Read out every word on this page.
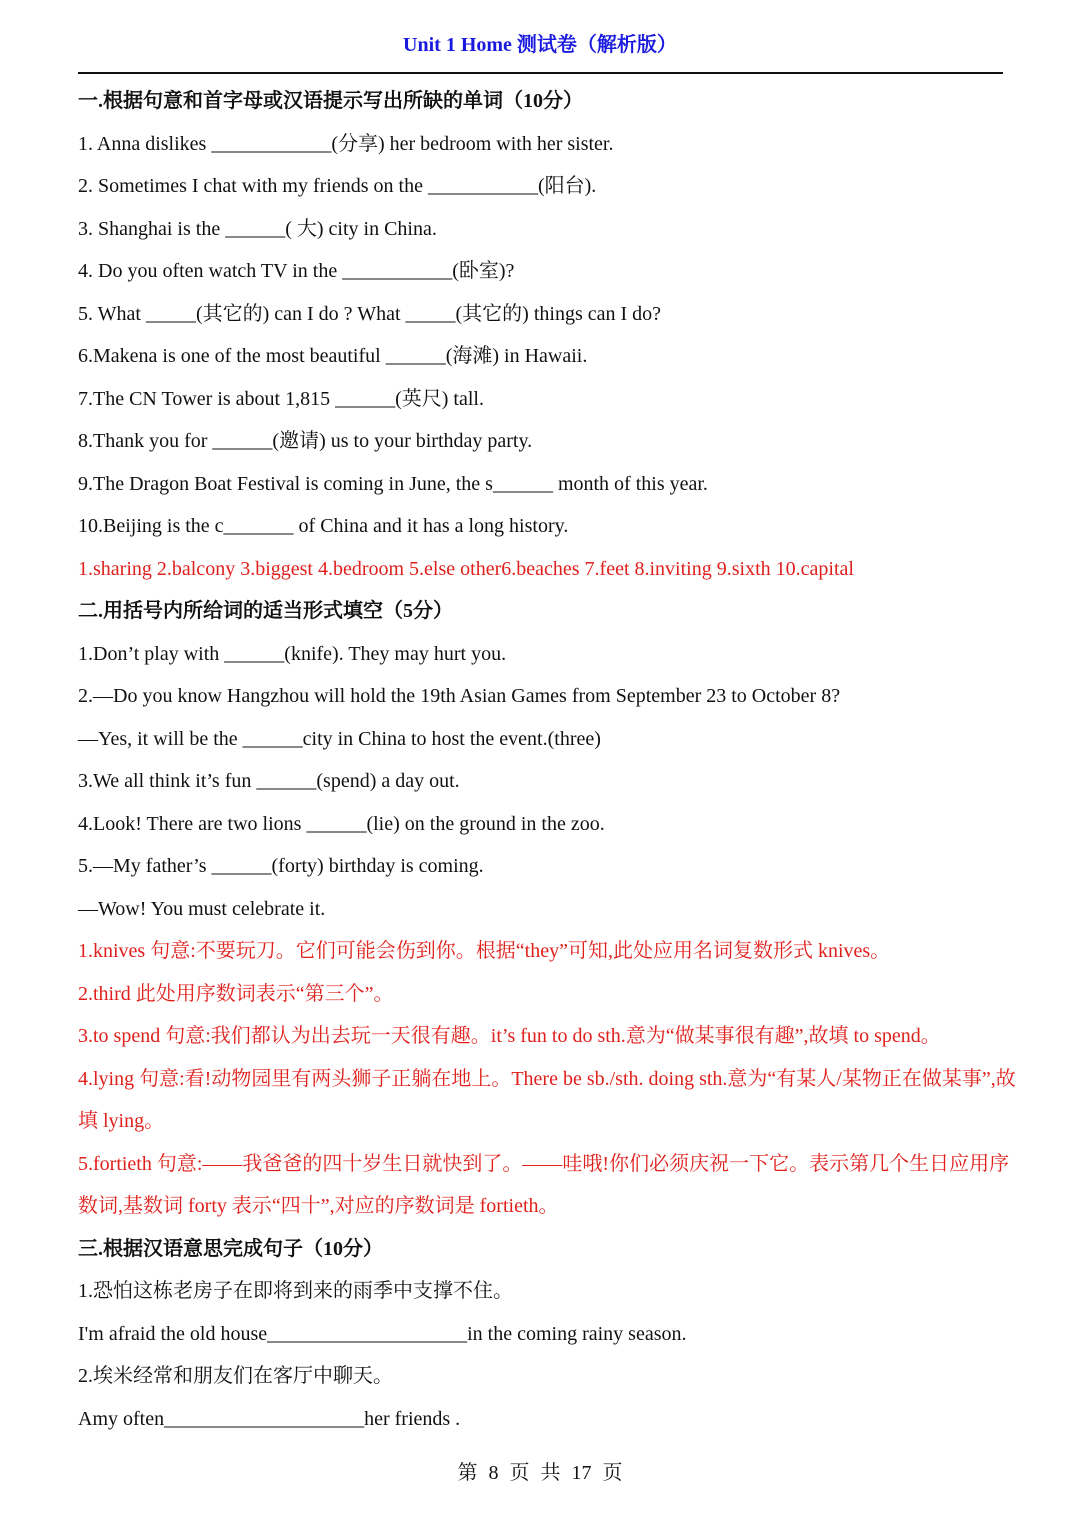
Unit 1 Home 测试卷（解析版）
一.根据句意和首字母或汉语提示写出所缺的单词（10分）
1. Anna dislikes ____________(分享) her bedroom with her sister.
2. Sometimes I chat with my friends on the ___________(阳台).
3. Shanghai is the ______( 大) city in China.
4. Do you often watch TV in the ___________(卧室)?
5. What _____(其它的) can I do ? What _____(其它的) things can I do?
6.Makena is one of the most beautiful ______(海滩) in Hawaii.
7.The CN Tower is about 1,815 ______(英尺) tall.
8.Thank you for ______(邀请) us to your birthday party.
9.The Dragon Boat Festival is coming in June, the s______ month of this year.
10.Beijing is the c_______ of China and it has a long history.
1.sharing 2.balcony 3.biggest 4.bedroom 5.else other6.beaches 7.feet 8.inviting 9.sixth 10.capital
二.用括号内所给词的适当形式填空（5分）
1.Don’t play with ______(knife). They may hurt you.
2.—Do you know Hangzhou will hold the 19th Asian Games from September 23 to October 8?
—Yes, it will be the ______city in China to host the event.(three)
3.We all think it’s fun ______(spend) a day out.
4.Look! There are two lions ______(lie) on the ground in the zoo.
5.—My father’s ______(forty) birthday is coming.
—Wow! You must celebrate it.
1.knives 句意:不要玩刀。它们可能会伤到你。根据“they”可知,此处应用名词复数形式 knives。
2.third 此处用序数词表示“第三个”。
3.to spend 句意:我们都认为出去玩一天很有趣。it’s fun to do sth.意为“做某事很有趣”,故填 to spend。
4.lying 句意:看!动物园里有两头狮子正躺在地上。There be sb./sth. doing sth.意为“有某人/某物正在做某事”,故填 lying。
5.fortieth 句意:——我爸爸的四十岁生日就快到了。——哇哦!你们必须庆祝一下它。表示第几个生日应用序数词,基数词 forty 表示“四十”,对应的序数词是 fortieth。
三.根据汉语意思完成句子（10分）
1.恐怕这栋老房子在即将到来的雨季中支撑不住。
I'm afraid the old house____________________in the coming rainy season.
2.埃米经常和朋友们在客厅中聊天。
Amy often____________________her friends .
第 8 页 共 17 页
